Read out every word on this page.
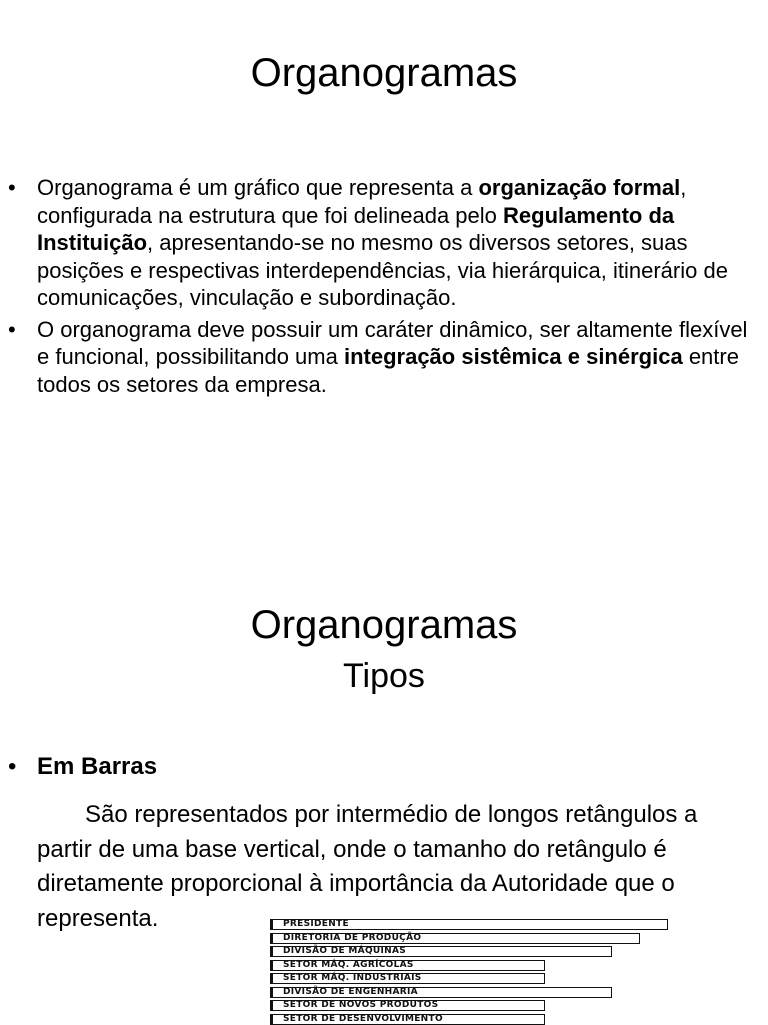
Organogramas
• Organograma é um gráfico que representa a organização formal, configurada na estrutura que foi delineada pelo Regulamento da Instituição, apresentando-se no mesmo os diversos setores, suas posições e respectivas interdependências, via hierárquica, itinerário de comunicações, vinculação e subordinação.
• O organograma deve possuir um caráter dinâmico, ser altamente flexível e funcional, possibilitando uma integração sistêmica e sinérgica entre todos os setores da empresa.
Organogramas
Tipos
• Em Barras

São representados por intermédio de longos retângulos a partir de uma base vertical, onde o tamanho do retângulo é diretamente proporcional à importância da Autoridade que o representa.	PRESIDENTE
DIRETORIA DE PRODUÇÃO
DIVISÃO DE MÁQUINAS
SETOR MÁQ. AGRÍCOLAS
SETOR MÁQ. INDUSTRIAIS
DIVISÃO DE ENGENHARIA
SETOR DE NOVOS PRODUTOS
SETOR DE DESENVOLVIMENTO
